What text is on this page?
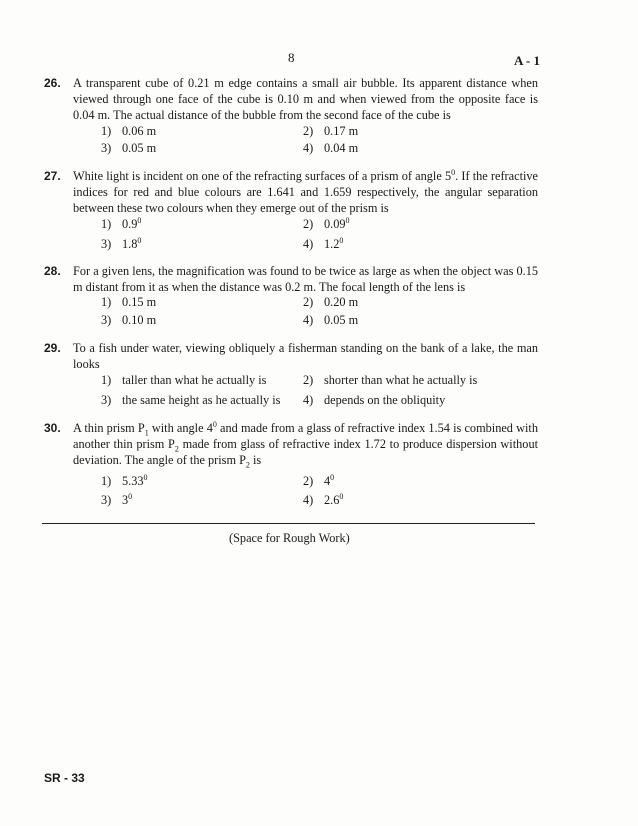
8	A - 1
26. A transparent cube of 0.21 m edge contains a small air bubble. Its apparent distance when viewed through one face of the cube is 0.10 m and when viewed from the opposite face is 0.04 m. The actual distance of the bubble from the second face of the cube is
1) 0.06 m	2) 0.17 m
3) 0.05 m	4) 0.04 m
27. White light is incident on one of the refracting surfaces of a prism of angle $5^0$. If the refractive indices for red and blue colours are 1.641 and 1.659 respectively, the angular separation between these two colours when they emerge out of the prism is
1) $0.9^0$	2) 0.09$^0$
3) $1.8^0$	4) $1.2^0$
28. For a given lens, the magnification was found to be twice as large as when the object was 0.15 m distant from it as when the distance was 0.2 m. The focal length of the lens is
1) 0.15 m	2) 0.20 m
3) 0.10 m	4) 0.05 m
29. To a fish under water, viewing obliquely a fisherman standing on the bank of a lake, the man looks
1) taller than what he actually is	2) shorter than what he actually is
3) the same height as he actually is 4) depends on the obliquity
30. A thin prism $P_1$ with angle $4^0$ and made from a glass of refractive index 1.54 is combined with another thin prism $P_2$ made from glass of refractive index 1.72 to produce dispersion without deviation. The angle of the prism $P_2$ is
1) 5.33$^0$	2) $4^0$
3) $3^0$	4) $2.6^0$
(Space for Rough Work)
SR - 33
